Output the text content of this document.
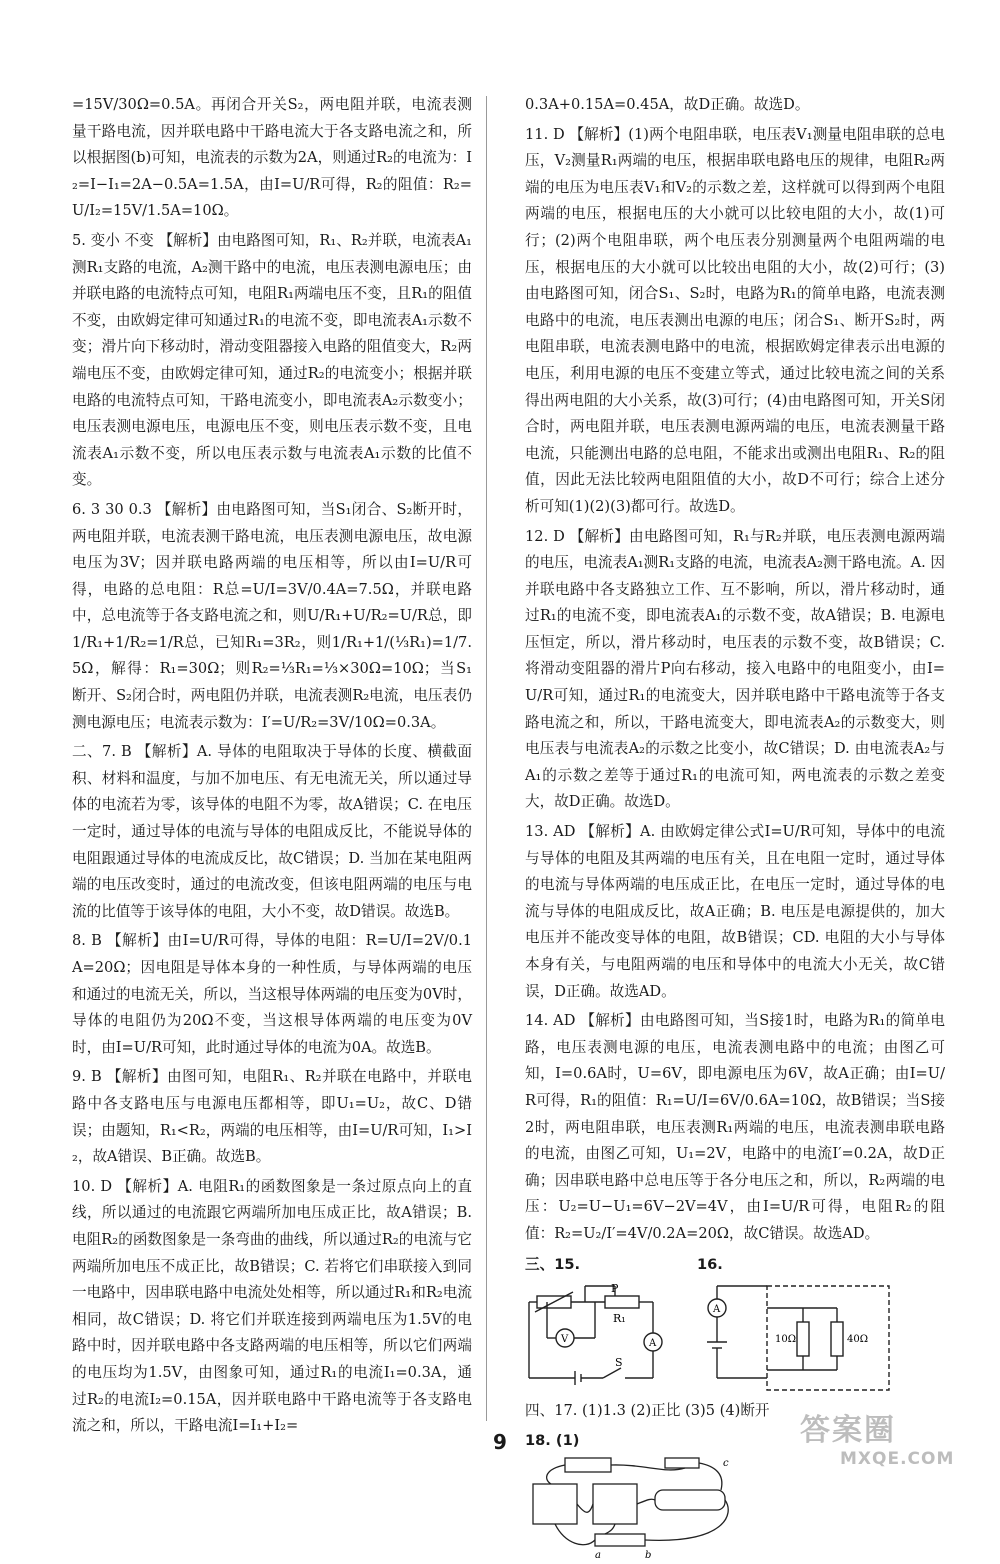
=15V/30Ω=0.5A。再闭合开关S₂，两电阻并联，电流表测量干路电流，因并联电路中干路电流大于各支路电流之和，所以根据图(b)可知，电流表的示数为2A，则通过R₂的电流为：I₂=I−I₁=2A−0.5A=1.5A，由I=U/R可得，R₂的阻值：R₂=U/I₂=15V/1.5A=10Ω。

5. 变小 不变 【解析】由电路图可知，R₁、R₂并联，电流表A₁测R₁支路的电流，A₂测干路中的电流，电压表测电源电压；由并联电路的电流特点可知，电阻R₁两端电压不变，且R₁的阻值不变，由欧姆定律可知通过R₁的电流不变，即电流表A₁示数不变；滑片向下移动时，滑动变阻器接入电路的阻值变大，R₂两端电压不变，由欧姆定律可知，通过R₂的电流变小；根据并联电路的电流特点可知，干路电流变小，即电流表A₂示数变小；电压表测电源电压，电源电压不变，则电压表示数不变，且电流表A₁示数不变，所以电压表示数与电流表A₁示数的比值不变。

6. 3 30 0.3 【解析】由电路图可知，当S₁闭合、S₂断开时，两电阻并联，电流表测干路电流，电压表测电源电压，故电源电压为3V；因并联电路两端的电压相等，所以由I=U/R可得，电路的总电阻：R总=U/I=3V/0.4A=7.5Ω，并联电路中，总电流等于各支路电流之和，则U/R₁+U/R₂=U/R总，即1/R₁+1/R₂=1/R总，已知R₁=3R₂，则1/R₁+1/(⅓R₁)=1/7.5Ω，解得：R₁=30Ω；则R₂=⅓R₁=⅓×30Ω=10Ω；当S₁断开、S₂闭合时，两电阻仍并联，电流表测R₂电流，电压表仍测电源电压；电流表示数为：I′=U/R₂=3V/10Ω=0.3A。

二、7. B 【解析】A. 导体的电阻取决于导体的长度、横截面积、材料和温度，与加不加电压、有无电流无关，所以通过导体的电流若为零，该导体的电阻不为零，故A错误；C. 在电压一定时，通过导体的电流与导体的电阻成反比，不能说导体的电阻跟通过导体的电流成反比，故C错误；D. 当加在某电阻两端的电压改变时，通过的电流改变，但该电阻两端的电压与电流的比值等于该导体的电阻，大小不变，故D错误。故选B。

8. B 【解析】由I=U/R可得，导体的电阻：R=U/I=2V/0.1A=20Ω；因电阻是导体本身的一种性质，与导体两端的电压和通过的电流无关，所以，当这根导体两端的电压变为0V时，导体的电阻仍为20Ω不变，当这根导体两端的电压变为0V时，由I=U/R可知，此时通过导体的电流为0A。故选B。

9. B 【解析】由图可知，电阻R₁、R₂并联在电路中，并联电路中各支路电压与电源电压都相等，即U₁=U₂，故C、D错误；由题知，R₁<R₂，两端的电压相等，由I=U/R可知，I₁>I₂，故A错误、B正确。故选B。

10. D 【解析】A. 电阻R₁的函数图象是一条过原点向上的直线，所以通过的电流跟它两端所加电压成正比，故A错误；B. 电阻R₂的函数图象是一条弯曲的曲线，所以通过R₂的电流与它两端所加电压不成正比，故B错误；C. 若将它们串联接入到同一电路中，因串联电路中电流处处相等，所以通过R₁和R₂电流相同，故C错误；D. 将它们并联连接到两端电压为1.5V的电路中时，因并联电路中各支路两端的电压相等，所以它们两端的电压均为1.5V，由图象可知，通过R₁的电流I₁=0.3A，通过R₂的电流I₂=0.15A，因并联电路中干路电流等于各支路电流之和，所以，干路电流I=I₁+I₂=

0.3A+0.15A=0.45A，故D正确。故选D。

11. D 【解析】(1)两个电阻串联，电压表V₁测量电阻串联的总电压，V₂测量R₁两端的电压，根据串联电路电压的规律，电阻R₂两端的电压为电压表V₁和V₂的示数之差，这样就可以得到两个电阻两端的电压，根据电压的大小就可以比较电阻的大小，故(1)可行；(2)两个电阻串联，两个电压表分别测量两个电阻两端的电压，根据电压的大小就可以比较出电阻的大小，故(2)可行；(3)由电路图可知，闭合S₁、S₂时，电路为R₁的简单电路，电流表测电路中的电流，电压表测出电源的电压；闭合S₁、断开S₂时，两电阻串联，电流表测电路中的电流，根据欧姆定律表示出电源的电压，利用电源的电压不变建立等式，通过比较电流之间的关系得出两电阻的大小关系，故(3)可行；(4)由电路图可知，开关S闭合时，两电阻并联，电压表测电源两端的电压，电流表测量干路电流，只能测出电路的总电阻，不能求出或测出电阻R₁、R₂的阻值，因此无法比较两电阻阻值的大小，故D不可行；综合上述分析可知(1)(2)(3)都可行。故选D。

12. D 【解析】由电路图可知，R₁与R₂并联，电压表测电源两端的电压，电流表A₁测R₁支路的电流，电流表A₂测干路电流。A. 因并联电路中各支路独立工作、互不影响，所以，滑片移动时，通过R₁的电流不变，即电流表A₁的示数不变，故A错误；B. 电源电压恒定，所以，滑片移动时，电压表的示数不变，故B错误；C. 将滑动变阻器的滑片P向右移动，接入电路中的电阻变小，由I=U/R可知，通过R₁的电流变大，因并联电路中干路电流等于各支路电流之和，所以，干路电流变大，即电流表A₂的示数变大，则电压表与电流表A₂的示数之比变小，故C错误；D. 由电流表A₂与A₁的示数之差等于通过R₁的电流可知，两电流表的示数之差变大，故D正确。故选D。

13. AD 【解析】A. 由欧姆定律公式I=U/R可知，导体中的电流与导体的电阻及其两端的电压有关，且在电阻一定时，通过导体的电流与导体两端的电压成正比，在电压一定时，通过导体的电流与导体的电阻成反比，故A正确；B. 电压是电源提供的，加大电压并不能改变导体的电阻，故B错误；CD. 电阻的大小与导体本身有关，与电阻两端的电压和导体中的电流大小无关，故C错误，D正确。故选AD。

14. AD 【解析】由电路图可知，当S接1时，电路为R₁的简单电路，电压表测电源的电压，电流表测电路中的电流；由图乙可知，I=0.6A时，U=6V，即电源电压为6V，故A正确；由I=U/R可得，R₁的阻值：R₁=U/I=6V/0.6A=10Ω，故B错误；当S接2时，两电阻串联，电压表测R₁两端的电压，电流表测串联电路的电流，由图乙可知，U₁=2V，电路中的电流I′=0.2A，故D正确；因串联电路中总电压等于各分电压之和，所以，R₂两端的电压：U₂=U−U₁=6V−2V=4V，由I=U/R可得，电阻R₂的阻值：R₂=U₂/I′=4V/0.2A=20Ω，故C错误。故选AD。

三、15.
P
R₁
V	A
S
16.
A
10Ω	40Ω

四、17. (1)1.3 (2)正比 (3)5 (4)断开

18. (1)
c
a	b
9	答案圈
MXQE.COM
